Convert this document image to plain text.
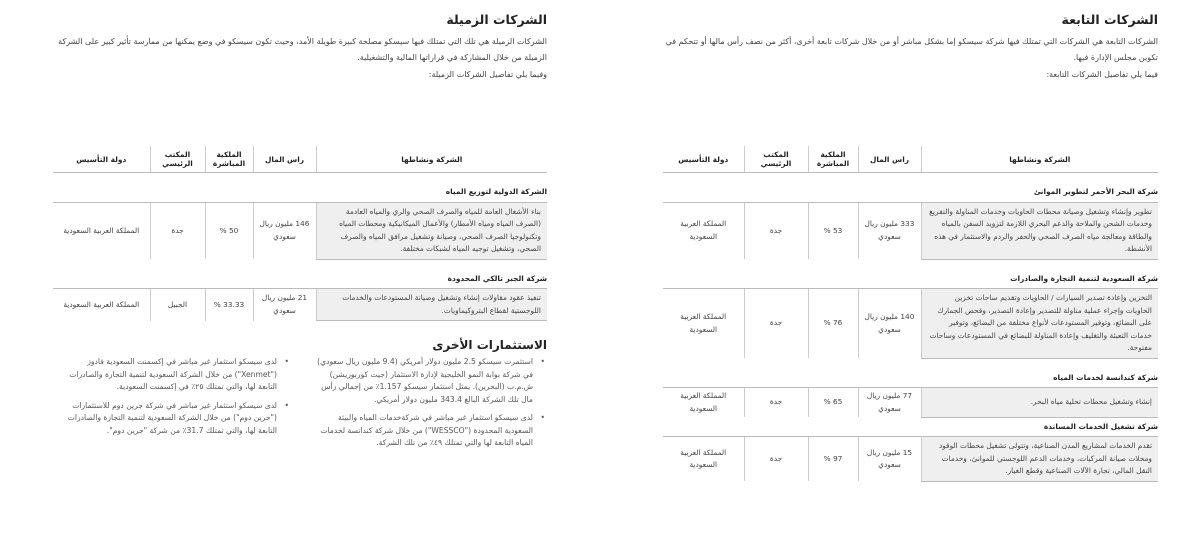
الشركات التابعة

الشركات التابعة هي الشركات التي تمتلك فيها شركة سيسكو إما بشكل مباشر أو من خلال شركات تابعة أخرى، أكثر من نصف رأس مالها أو تتحكم في تكوين مجلس الإدارة فيها.

فيما يلي تفاصيل الشركات التابعة:

الشركة ونشاطها	راس المال	الملكية المباشرة	المكتب الرئيسي	دولة التأسيس

شركة البحر الأحمر لتطوير الموانئ				
تطوير وإنشاء وتشغيل وصيانة محطات الحاويات وخدمات المناولة والتفريغ وخدمات الشحن والملاحة والدعم البحري اللازمة لتزويد السفن بالمياه والطاقة ومعالجة مياه الصرف الصحي والحفر والردم والاستثمار في هذه الأنشطة.	333 مليون ريال سعودي	53 %	جدة	المملكة العربية السعودية

شركة السعودية لتنمية التجارة والصادرات				
التخزين وإعادة تصدير السيارات / الحاويات وتقديم ساحات تخزين الحاويات وإجراء عملية مناولة للتصدير وإعادة التصدير، وفحص الجمارك على البضائع، وتوفير المستودعات لأنواع مختلفة من البضائع، وتوفير خدمات التعبئة والتغليف وإعادة المناولة للبضائع في المستودعات وساحات مفتوحة.	140 مليون ريال سعودي	76 %	جدة	المملكة العربية السعودية

شركة كندانسة لخدمات المياه				
إنشاء وتشغيل محطات تحلية مياه البحر.	77 مليون ريال سعودي	65 %	جدة	المملكة العربية السعودية
شركة تشغيل الخدمات المساندة				
تقدم الخدمات لمشاريع المدن الصناعية، وتتولى تشغيل محطات الوقود ومحلات صيانة المركبات، وخدمات الدعم اللوجستي للموانئ، وخدمات النقل المالي، تجارة الآلات الصناعية وقطع الغيار.	15 مليون ريال سعودي	97 %	جدة	المملكة العربية السعودية
الشركات الزميلة

الشركات الزميلة هي تلك التي تمتلك فيها سيسكو مصلحة كبيرة طويلة الأمد، وحيث تكون سيسكو في وضع يمكنها من ممارسة تأثير كبير على الشركة الزميلة من خلال المشاركة في قراراتها المالية والتشغيلية.

وفيما يلي تفاصيل الشركات الزميلة:

الشركة ونشاطها	راس المال	الملكية المباشرة	المكتب الرئيسي	دولة التأسيس

الشركة الدولية لتوزيع المياه				
بناء الأشغال العامة للمياه والصرف الصحي والري والمياه العادمة (الصرف المياه ومياه الأمطار) والأعمال الميكانيكية ومحطات المياه وتكنولوجيا الصرف الصحي، وصيانة وتشغيل مرافق المياه والصرف الصحي، وتشغيل توجيه المياه لشبكات مختلفة.	146 مليون ريال سعودي	50 %	جدة	المملكة العربية السعودية

شركة الجبر تالكي المحدودة				
تنفيذ عقود مقاولات إنشاء وتشغيل وصيانة المستودعات والخدمات اللوجستية لقطاع البتروكيماويات.	21 مليون ريال سعودي	33.33 %	الجبيل	المملكة العربية السعودية
الاستثمارات الأخرى
• استثمرت سيسكو 2.5 مليون دولار أمريكي (9.4 مليون ريال سعودي) في شركة بوابة النمو الخليجية لإدارة الاستثمار (جيت كوربوريشن) ش.م.ب (البحرين). يمثل استثمار سيسكو 1.157٪ من إجمالي رأس مال تلك الشركة البالغ 343.4 مليون دولار أمريكي.
• لدى سيسكو استثمار غير مباشر في شركةخدمات المياه والبيئة السعودية المحدودة ("WESSCO") من خلال شركة كندانسة لخدمات المياه التابعة لها والتي تمتلك ٤٩٪ من تلك الشركة.
• لدى سيسكو استثمار غير مباشر في إكسمنت السعودية فادوز ("Xenmet") من خلال الشركة السعودية لتنمية التجارة والصادرات التابعة لها، والتي تمتلك ٢٥٪ في إكسمنت السعودية.
• لدى سيسكو استثمار غير مباشر في شركة جرين دوم للاستثمارات ("جرين دوم") من خلال الشركة السعودية لتنمية التجارة والصادرات التابعة لها، والتي تمتلك 31.7٪ من شركة "جرين دوم".
